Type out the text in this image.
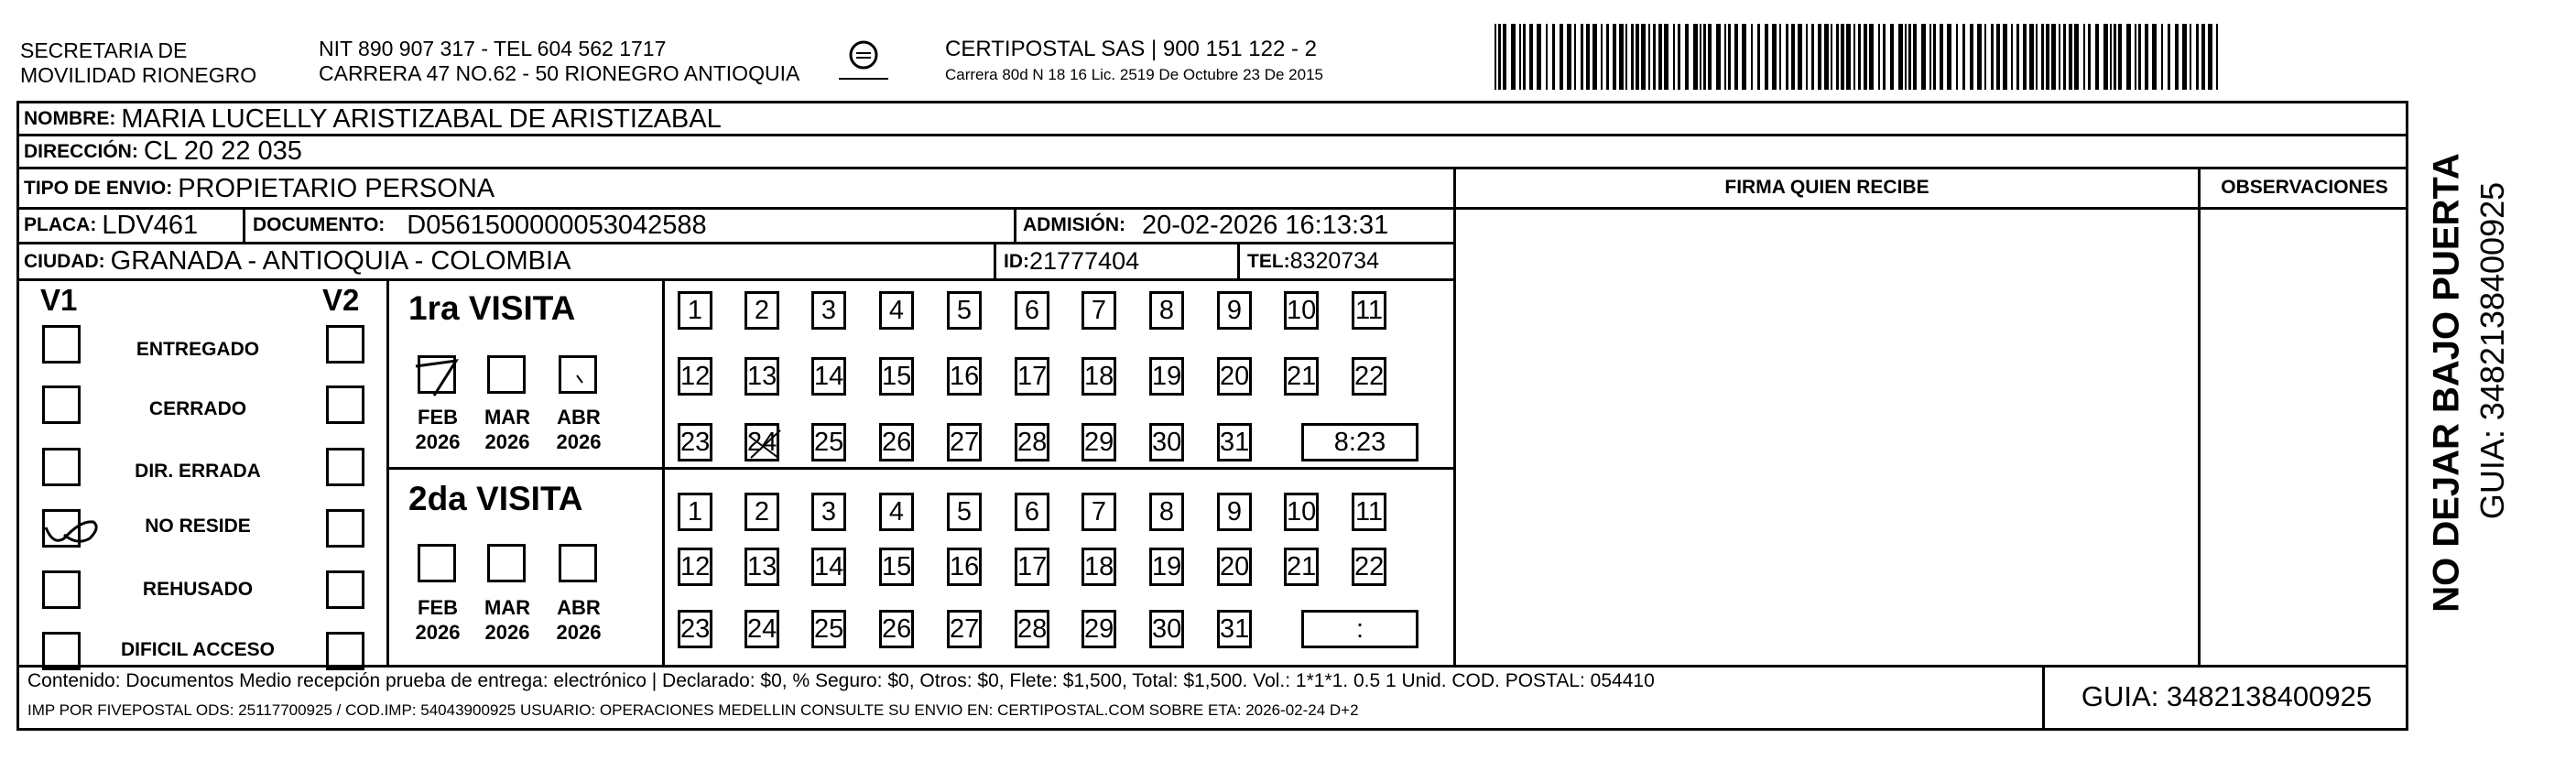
SECRETARIA DE
MOVILIDAD RIONEGRO
NIT 890 907 317 - TEL 604 562 1717
CARRERA 47 NO.62 - 50 RIONEGRO ANTIOQUIA
CERTIPOSTAL SAS | 900 151 122 - 2
Carrera 80d N 18 16 Lic. 2519 De Octubre 23 De 2015
NOMBRE: MARIA LUCELLY ARISTIZABAL DE ARISTIZABAL
DIRECCIÓN: CL 20 22 035
TIPO DE ENVIO: PROPIETARIO PERSONA
PLACA: LDV461	DOCUMENTO: D0561500000053042588	ADMISIÓN: 20-02-2026 16:13:31
CIUDAD: GRANADA - ANTIOQUIA - COLOMBIA	ID: 21777404	TEL: 8320734
FIRMA QUIEN RECIBE	OBSERVACIONES
V1	V2
ENTREGADO
CERRADO
DIR. ERRADA
NO RESIDE
REHUSADO
DIFICIL ACCESO
1ra VISITA
2da VISITA
1	2	3	4	5	6	7	8	9	10 11
12 13 14 15 16 17 18 19 20 21 22
23 24 25 26 27 28 29 30 31	8:23
1	2	3	4	5	6	7	8	9	10 11
12 13 14 15 16 17 18 19 20 21 22
23 24 25 26 27 28 29 30 31	:
FEB
2026
MAR
2026
ABR
2026
FEB
2026
MAR
2026
ABR
2026
Contenido: Documentos Medio recepción prueba de entrega: electrónico | Declarado: $0, % Seguro: $0, Otros: $0, Flete: $1,500, Total: $1,500. Vol.: 1*1*1. 0.5 1 Unid. COD. POSTAL: 054410
IMP POR FIVEPOSTAL ODS: 25117700925 / COD.IMP: 54043900925 USUARIO: OPERACIONES MEDELLIN CONSULTE SU ENVIO EN: CERTIPOSTAL.COM SOBRE ETA: 2026-02-24 D+2	GUIA: 3482138400925
NO DEJAR BAJO PUERTA GUIA: 3482138400925
